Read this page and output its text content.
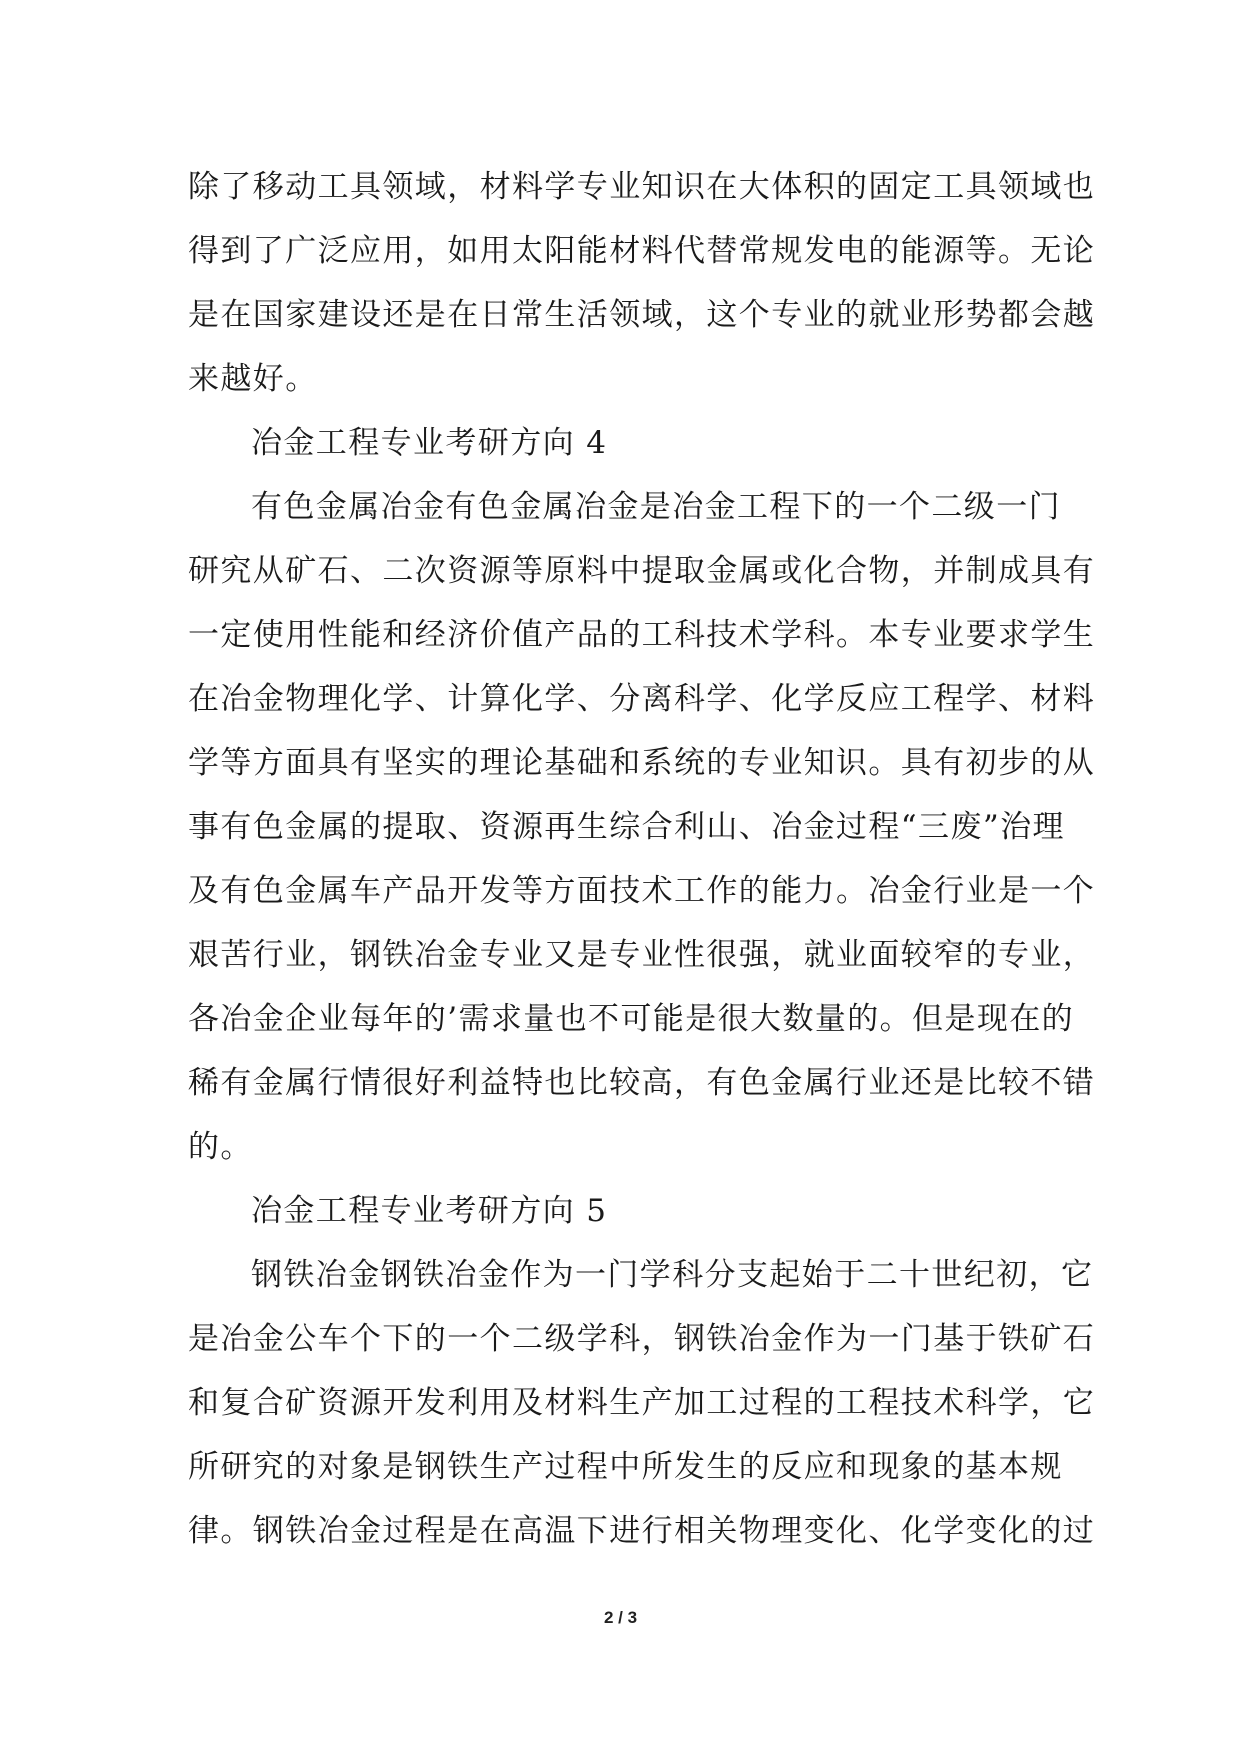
除了移动工具领域，材料学专业知识在大体积的固定工具领域也
得到了广泛应用，如用太阳能材料代替常规发电的能源等。无论
是在国家建设还是在日常生活领域，这个专业的就业形势都会越
来越好。
冶金工程专业考研方向 4
有色金属冶金有色金属冶金是冶金工程下的一个二级一门
研究从矿石、二次资源等原料中提取金属或化合物，并制成具有
一定使用性能和经济价值产品的工科技术学科。本专业要求学生
在冶金物理化学、计算化学、分离科学、化学反应工程学、材料
学等方面具有坚实的理论基础和系统的专业知识。具有初步的从
事有色金属的提取、资源再生综合利山、冶金过程“三废”治理
及有色金属车产品开发等方面技术工作的能力。冶金行业是一个
艰苦行业，钢铁冶金专业又是专业性很强，就业面较窄的专业，
各冶金企业每年的’需求量也不可能是很大数量的。但是现在的
稀有金属行情很好利益特也比较高，有色金属行业还是比较不错
的。
冶金工程专业考研方向 5
钢铁冶金钢铁冶金作为一门学科分支起始于二十世纪初，它
是冶金公车个下的一个二级学科，钢铁冶金作为一门基于铁矿石
和复合矿资源开发利用及材料生产加工过程的工程技术科学，它
所研究的对象是钢铁生产过程中所发生的反应和现象的基本规
律。钢铁冶金过程是在高温下进行相关物理变化、化学变化的过
2 / 3
